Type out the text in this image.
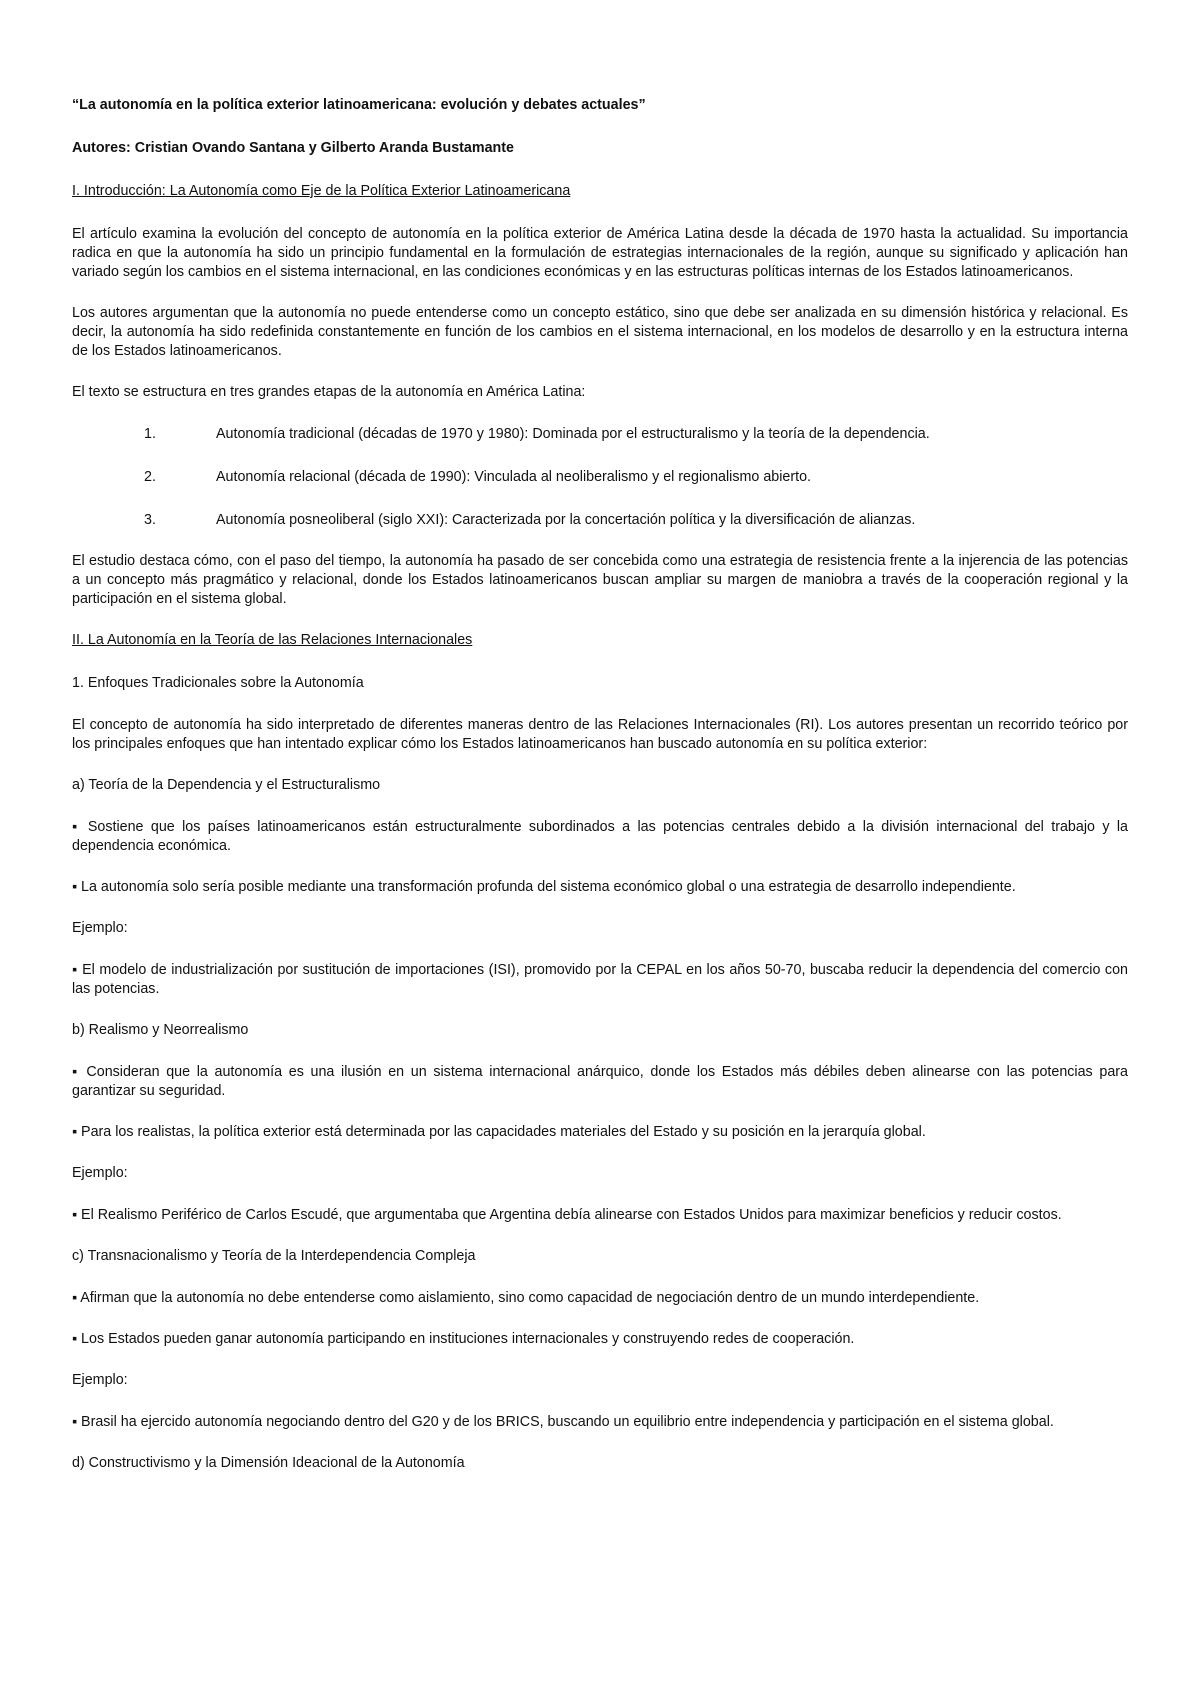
“La autonomía en la política exterior latinoamericana: evolución y debates actuales”

Autores: Cristian Ovando Santana y Gilberto Aranda Bustamante

I. Introducción: La Autonomía como Eje de la Política Exterior Latinoamericana

El artículo examina la evolución del concepto de autonomía en la política exterior de América Latina desde la década de 1970 hasta la actualidad. Su importancia radica en que la autonomía ha sido un principio fundamental en la formulación de estrategias internacionales de la región, aunque su significado y aplicación han variado según los cambios en el sistema internacional, en las condiciones económicas y en las estructuras políticas internas de los Estados latinoamericanos.

Los autores argumentan que la autonomía no puede entenderse como un concepto estático, sino que debe ser analizada en su dimensión histórica y relacional. Es decir, la autonomía ha sido redefinida constantemente en función de los cambios en el sistema internacional, en los modelos de desarrollo y en la estructura interna de los Estados latinoamericanos.

El texto se estructura en tres grandes etapas de la autonomía en América Latina:

1.	Autonomía tradicional (décadas de 1970 y 1980): Dominada por el estructuralismo y la teoría de la dependencia.
2.	Autonomía relacional (década de 1990): Vinculada al neoliberalismo y el regionalismo abierto.
3.	Autonomía posneoliberal (siglo XXI): Caracterizada por la concertación política y la diversificación de alianzas.

El estudio destaca cómo, con el paso del tiempo, la autonomía ha pasado de ser concebida como una estrategia de resistencia frente a la injerencia de las potencias a un concepto más pragmático y relacional, donde los Estados latinoamericanos buscan ampliar su margen de maniobra a través de la cooperación regional y la participación en el sistema global.

II. La Autonomía en la Teoría de las Relaciones Internacionales

1. Enfoques Tradicionales sobre la Autonomía

El concepto de autonomía ha sido interpretado de diferentes maneras dentro de las Relaciones Internacionales (RI). Los autores presentan un recorrido teórico por los principales enfoques que han intentado explicar cómo los Estados latinoamericanos han buscado autonomía en su política exterior:

a) Teoría de la Dependencia y el Estructuralismo

▪ Sostiene que los países latinoamericanos están estructuralmente subordinados a las potencias centrales debido a la división internacional del trabajo y la dependencia económica.

▪ La autonomía solo sería posible mediante una transformación profunda del sistema económico global o una estrategia de desarrollo independiente.

Ejemplo:

▪ El modelo de industrialización por sustitución de importaciones (ISI), promovido por la CEPAL en los años 50-70, buscaba reducir la dependencia del comercio con las potencias.

b) Realismo y Neorrealismo

▪ Consideran que la autonomía es una ilusión en un sistema internacional anárquico, donde los Estados más débiles deben alinearse con las potencias para garantizar su seguridad.

▪ Para los realistas, la política exterior está determinada por las capacidades materiales del Estado y su posición en la jerarquía global.

Ejemplo:

▪ El Realismo Periférico de Carlos Escudé, que argumentaba que Argentina debía alinearse con Estados Unidos para maximizar beneficios y reducir costos.

c) Transnacionalismo y Teoría de la Interdependencia Compleja

▪ Afirman que la autonomía no debe entenderse como aislamiento, sino como capacidad de negociación dentro de un mundo interdependiente.

▪ Los Estados pueden ganar autonomía participando en instituciones internacionales y construyendo redes de cooperación.

Ejemplo:

▪ Brasil ha ejercido autonomía negociando dentro del G20 y de los BRICS, buscando un equilibrio entre independencia y participación en el sistema global.

d) Constructivismo y la Dimensión Ideacional de la Autonomía
